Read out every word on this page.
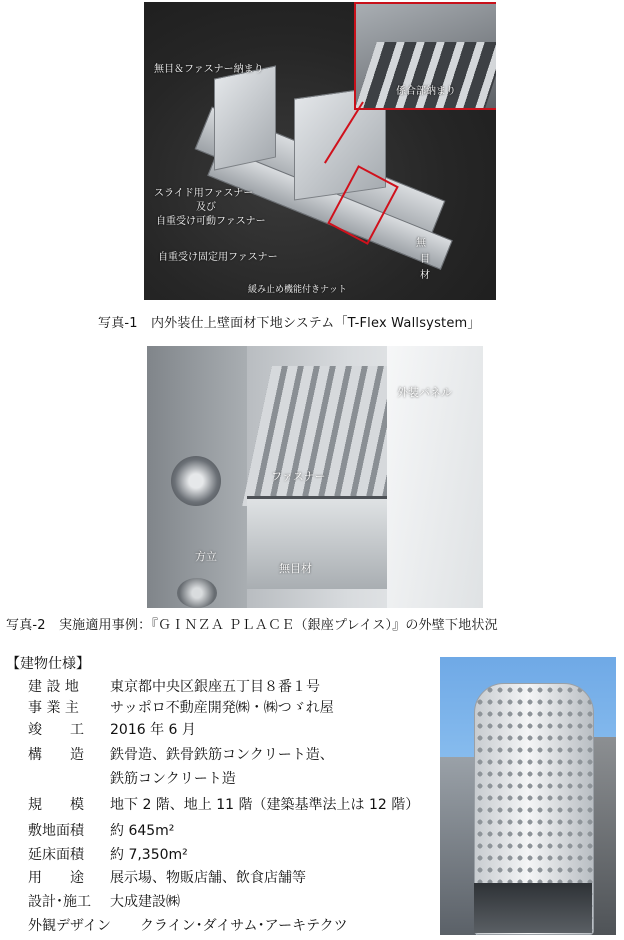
係合部納まり
無目＆ファスナー納まり
スライド用ファスナー
及び
自重受け可動ファスナー
自重受け固定用ファスナー
緩み止め機能付きナット
無
目
材
写真-1　内外装仕上壁面材下地システム「T-Flex Wallsystem」
外装パネル
ファスナー
方立
無目材
写真-2　実施適用事例：『ＧＩＮＺＡ ＰＬＡＣＥ（銀座プレイス）』の外壁下地状況
【建物仕様】
建 設 地 東京都中央区銀座五丁目８番１号
事 業 主 サッポロ不動産開発㈱・㈱つゞれ屋
竣　　工 2016 年 6 月
構　　造 鉄骨造、鉄骨鉄筋コンクリート造、
鉄筋コンクリート造
規　　模 地下 2 階、地上 11 階（建築基準法上は 12 階）
敷地面積 約 645m²
延床面積 約 7,350m²
用　　途 展示場、物販店舗、飲食店舗等
設計･施工 大成建設㈱
外観デザイン クライン･ダイサム･アーキテクツ
